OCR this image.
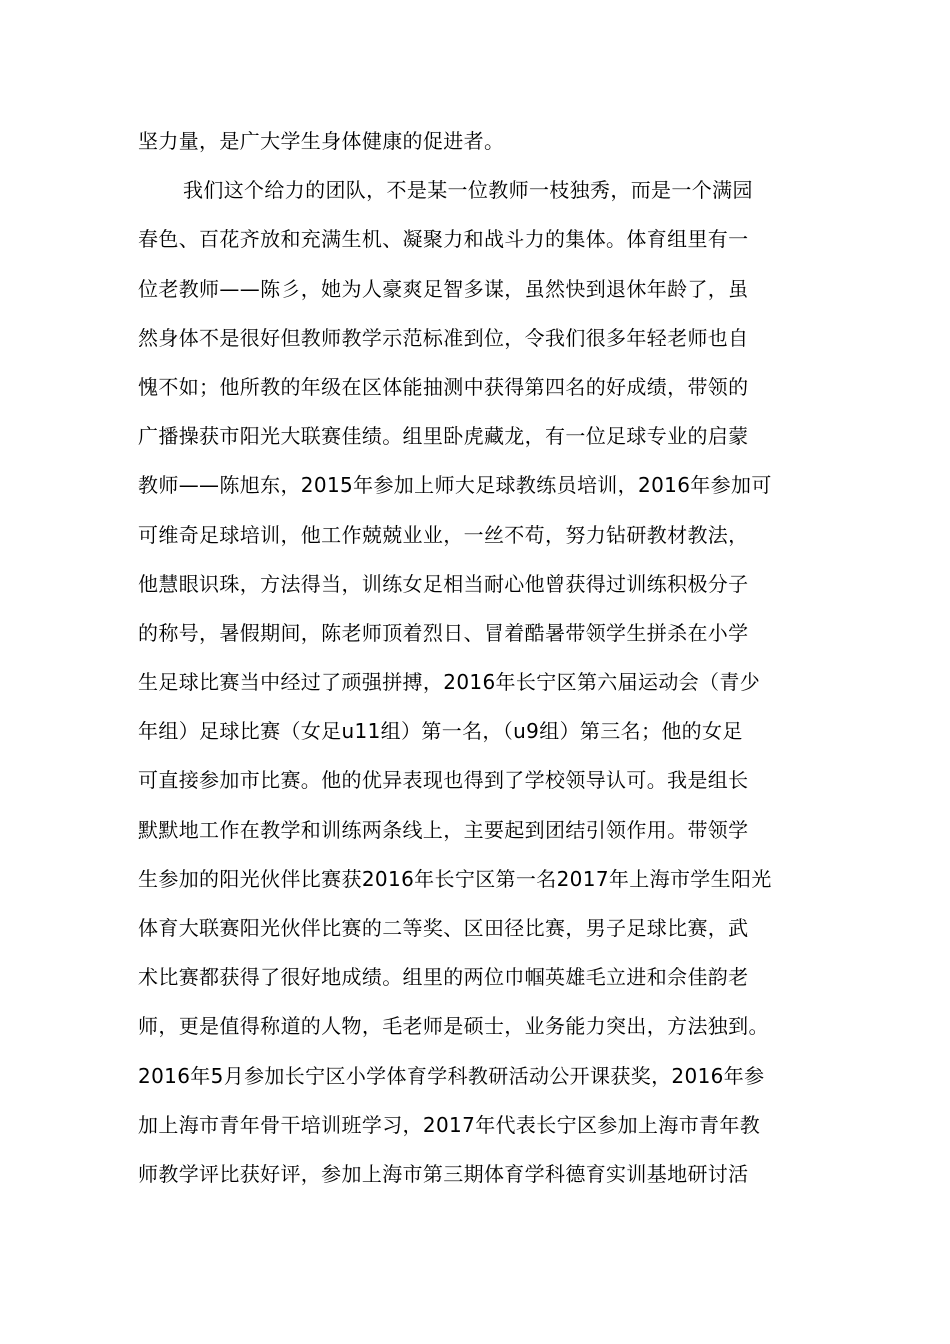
坚力量，是广大学生身体健康的促进者。
我们这个给力的团队，不是某一位教师一枝独秀，而是一个满园
春色、百花齐放和充满生机、凝聚力和战斗力的集体。体育组里有一
位老教师——陈彡，她为人豪爽足智多谋，虽然快到退休年龄了，虽
然身体不是很好但教师教学示范标准到位，令我们很多年轻老师也自
愧不如；他所教的年级在区体能抽测中获得第四名的好成绩，带领的
广播操获市阳光大联赛佳绩。组里卧虎藏龙，有一位足球专业的启蒙
教师——陈旭东，2015年参加上师大足球教练员培训，2016年参加可
可维奇足球培训，他工作兢兢业业，一丝不苟，努力钻研教材教法，
他慧眼识珠，方法得当，训练女足相当耐心他曾获得过训练积极分子
的称号，暑假期间，陈老师顶着烈日、冒着酷暑带领学生拼杀在小学
生足球比赛当中经过了顽强拼搏，2016年长宁区第六届运动会（青少
年组）足球比赛（女足u11组）第一名，（u9组）第三名；他的女足
可直接参加市比赛。他的优异表现也得到了学校领导认可。我是组长
默默地工作在教学和训练两条线上，主要起到团结引领作用。带领学
生参加的阳光伙伴比赛获2016年长宁区第一名2017年上海市学生阳光
体育大联赛阳光伙伴比赛的二等奖、区田径比赛，男子足球比赛，武
术比赛都获得了很好地成绩。组里的两位巾帼英雄毛立进和佘佳韵老
师，更是值得称道的人物，毛老师是硕士，业务能力突出，方法独到。
2016年5月参加长宁区小学体育学科教研活动公开课获奖，2016年参
加上海市青年骨干培训班学习，2017年代表长宁区参加上海市青年教
师教学评比获好评，参加上海市第三期体育学科德育实训基地研讨活
